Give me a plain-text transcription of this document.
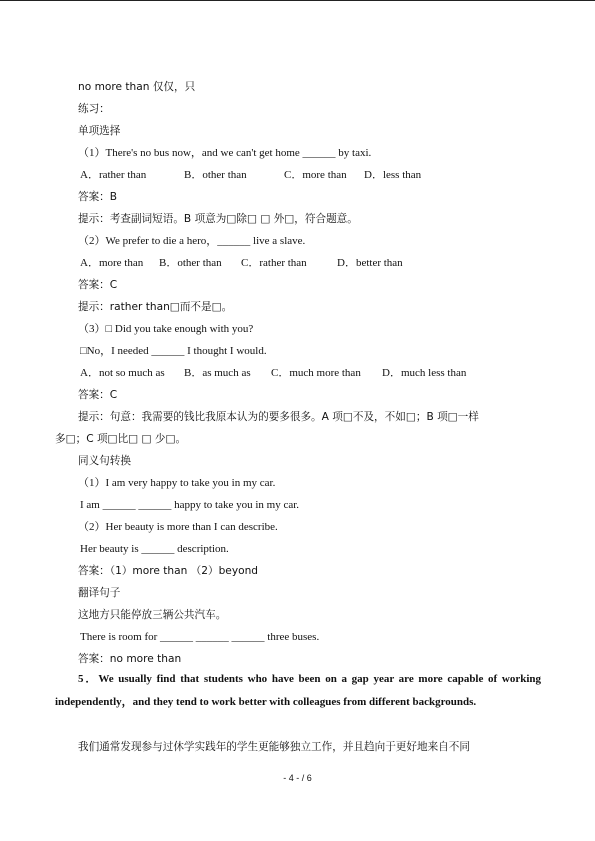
no more than 仅仅，只
练习：
单项选择
（1）There's no bus now，and we can't get home ______ by taxi.
A．rather than	B．other than	C．more than D．less than
答案：B
提示：考查副词短语。B 项意为□除□ □ 外□，符合题意。
（2）We prefer to die a hero，______ live a slave.
A．more than B．other than C．rather than	D．better than
答案：C
提示：rather than□而不是□。
（3）□ Did you take enough with you?
□No，I needed ______ I thought I would.
A．not so much as B．as much as C．much more than D．much less than
答案：C
提示：句意：我需要的钱比我原本认为的要多很多。A 项□不及，不如□；B 项□一样
多□；C 项□比□ □ 少□。
同义句转换
（1）I am very happy to take you in my car.
I am ______ ______ happy to take you in my car.
（2）Her beauty is more than I can describe.
Her beauty is ______ description.
答案：（1）more than （2）beyond
翻译句子
这地方只能停放三辆公共汽车。
There is room for ______ ______ ______ three buses.
答案：no more than
5．We usually find that students who have been on a gap year are more capable of working independently，and they tend to work better with colleagues from different backgrounds.
我们通常发现参与过休学实践年的学生更能够独立工作，并且趋向于更好地来自不同
- 4 - / 6
